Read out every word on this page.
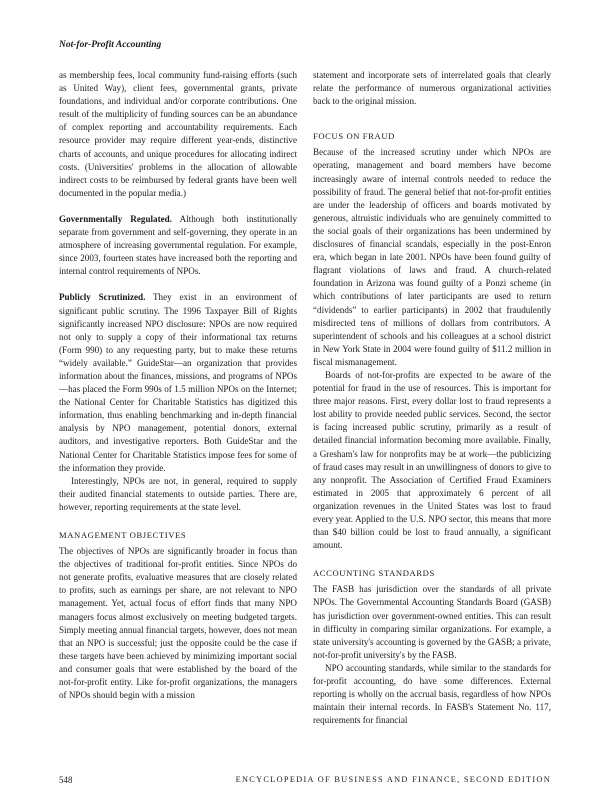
Not-for-Profit Accounting

as membership fees, local community fund-raising efforts (such as United Way), client fees, governmental grants, private foundations, and individual and/or corporate contributions. One result of the multiplicity of funding sources can be an abundance of complex reporting and accountability requirements. Each resource provider may require different year-ends, distinctive charts of accounts, and unique procedures for allocating indirect costs. (Universities' problems in the allocation of allowable indirect costs to be reimbursed by federal grants have been well documented in the popular media.)

Governmentally Regulated. Although both institutionally separate from government and self-governing, they operate in an atmosphere of increasing governmental regulation. For example, since 2003, fourteen states have increased both the reporting and internal control requirements of NPOs.

Publicly Scrutinized. They exist in an environment of significant public scrutiny. The 1996 Taxpayer Bill of Rights significantly increased NPO disclosure: NPOs are now required not only to supply a copy of their informational tax returns (Form 990) to any requesting party, but to make these returns “widely available.” GuideStar—an organization that provides information about the finances, missions, and programs of NPOs—has placed the Form 990s of 1.5 million NPOs on the Internet; the National Center for Charitable Statistics has digitized this information, thus enabling benchmarking and in-depth financial analysis by NPO management, potential donors, external auditors, and investigative reporters. Both GuideStar and the National Center for Charitable Statistics impose fees for some of the information they provide.

Interestingly, NPOs are not, in general, required to supply their audited financial statements to outside parties. There are, however, reporting requirements at the state level.

MANAGEMENT OBJECTIVES

The objectives of NPOs are significantly broader in focus than the objectives of traditional for-profit entities. Since NPOs do not generate profits, evaluative measures that are closely related to profits, such as earnings per share, are not relevant to NPO management. Yet, actual focus of effort finds that many NPO managers focus almost exclusively on meeting budgeted targets. Simply meeting annual financial targets, however, does not mean that an NPO is successful; just the opposite could be the case if these targets have been achieved by minimizing important social and consumer goals that were established by the board of the not-for-profit entity. Like for-profit organizations, the managers of NPOs should begin with a mission

statement and incorporate sets of interrelated goals that clearly relate the performance of numerous organizational activities back to the original mission.

FOCUS ON FRAUD

Because of the increased scrutiny under which NPOs are operating, management and board members have become increasingly aware of internal controls needed to reduce the possibility of fraud. The general belief that not-for-profit entities are under the leadership of officers and boards motivated by generous, altruistic individuals who are genuinely committed to the social goals of their organizations has been undermined by disclosures of financial scandals, especially in the post-Enron era, which began in late 2001. NPOs have been found guilty of flagrant violations of laws and fraud. A church-related foundation in Arizona was found guilty of a Ponzi scheme (in which contributions of later participants are used to return “dividends” to earlier participants) in 2002 that fraudulently misdirected tens of millions of dollars from contributors. A superintendent of schools and his colleagues at a school district in New York State in 2004 were found guilty of $11.2 million in fiscal mismanagement.

Boards of not-for-profits are expected to be aware of the potential for fraud in the use of resources. This is important for three major reasons. First, every dollar lost to fraud represents a lost ability to provide needed public services. Second, the sector is facing increased public scrutiny, primarily as a result of detailed financial information becoming more available. Finally, a Gresham's law for nonprofits may be at work—the publicizing of fraud cases may result in an unwillingness of donors to give to any nonprofit. The Association of Certified Fraud Examiners estimated in 2005 that approximately 6 percent of all organization revenues in the United States was lost to fraud every year. Applied to the U.S. NPO sector, this means that more than $40 billion could be lost to fraud annually, a significant amount.

ACCOUNTING STANDARDS

The FASB has jurisdiction over the standards of all private NPOs. The Governmental Accounting Standards Board (GASB) has jurisdiction over government-owned entities. This can result in difficulty in comparing similar organizations. For example, a state university's accounting is governed by the GASB; a private, not-for-profit university's by the FASB.

NPO accounting standards, while similar to the standards for for-profit accounting, do have some differences. External reporting is wholly on the accrual basis, regardless of how NPOs maintain their internal records. In FASB's Statement No. 117, requirements for financial

548	ENCYCLOPEDIA OF BUSINESS AND FINANCE, SECOND EDITION
